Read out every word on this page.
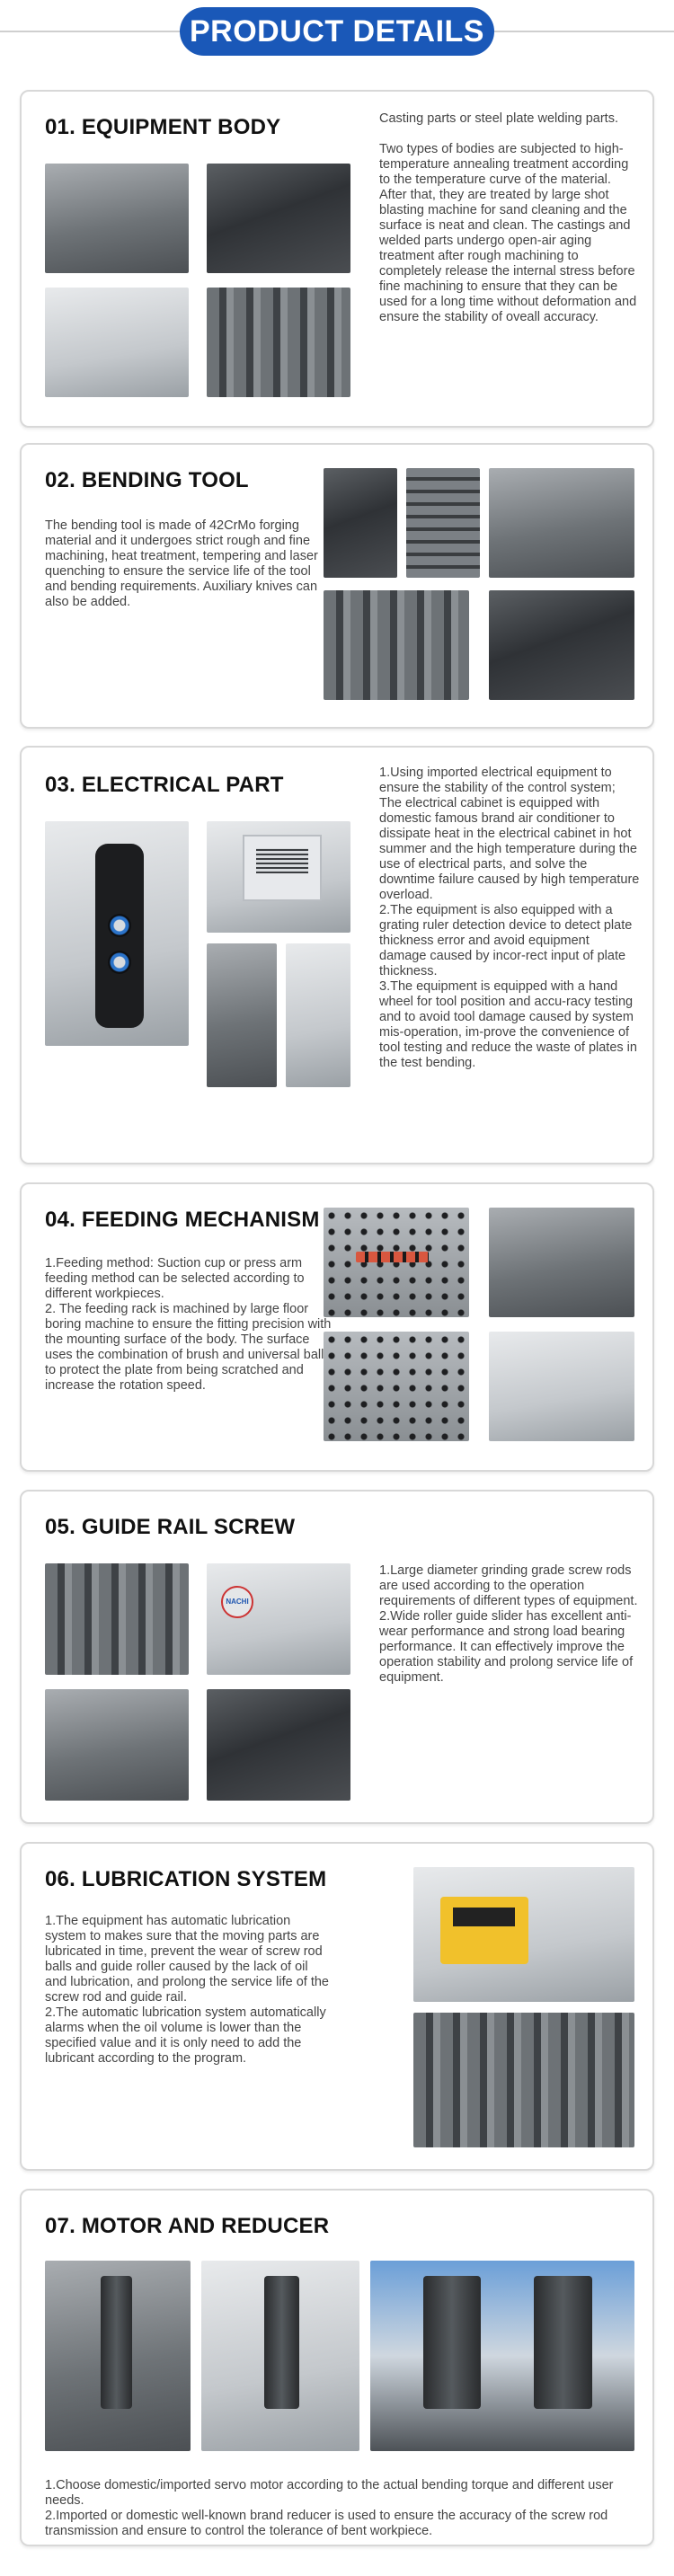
PRODUCT DETAILS
01. EQUIPMENT BODY	Casting parts or steel plate welding parts.

Two types of bodies are subjected to high-temperature annealing treatment according to the temperature curve of the material. After that, they are treated by large shot blasting machine for sand cleaning and the surface is neat and clean. The castings and welded parts undergo open-air aging treatment after rough machining to completely release the internal stress before fine machining to ensure that they can be used for a long time without deformation and ensure the stability of oveall accuracy.
02. BENDING TOOL
The bending tool is made of 42CrMo forging material and it undergoes strict rough and fine machining, heat treatment, tempering and laser quenching to ensure the service life of the tool and bending requirements. Auxiliary knives can also be added.
03. ELECTRICAL PART	1.Using imported electrical equipment to ensure the stability of the control system; The electrical cabinet is equipped with domestic famous brand air conditioner to dissipate heat in the electrical cabinet in hot summer and the high temperature during the use of electrical parts, and solve the downtime failure caused by high temperature overload.
2.The equipment is also equipped with a grating ruler detection device to detect plate thickness error and avoid equipment damage caused by incor-rect input of plate thickness.
3.The equipment is equipped with a hand wheel for tool position and accu-racy testing and to avoid tool damage caused by system mis-operation, im-prove the convenience of tool testing and reduce the waste of plates in the test bending.
04. FEEDING MECHANISM
1.Feeding method: Suction cup or press arm feeding method can be selected according to different workpieces.
2. The feeding rack is machined by large floor boring machine to ensure the fitting precision with the mounting surface of the body. The surface uses the combination of brush and universal ball to protect the plate from being scratched and increase the rotation speed.
05. GUIDE RAIL SCREW
NACHI
1.Large diameter grinding grade screw rods are used according to the operation requirements of different types of equipment.
2.Wide roller guide slider has excellent anti-wear performance and strong load bearing performance. It can effectively improve the operation stability and prolong service life of equipment.
06. LUBRICATION SYSTEM
1.The equipment has automatic lubrication system to makes sure that the moving parts are lubricated in time, prevent the wear of screw rod balls and guide roller caused by the lack of oil and lubrication, and prolong the service life of the screw rod and guide rail.
2.The automatic lubrication system automatically alarms when the oil volume is lower than the specified value and it is only need to add the lubricant according to the program.
07. MOTOR AND REDUCER
1.Choose domestic/imported servo motor according to the actual bending torque and different user needs.
2.Imported or domestic well-known brand reducer is used to ensure the accuracy of the screw rod transmission and ensure to control the tolerance of bent workpiece.
